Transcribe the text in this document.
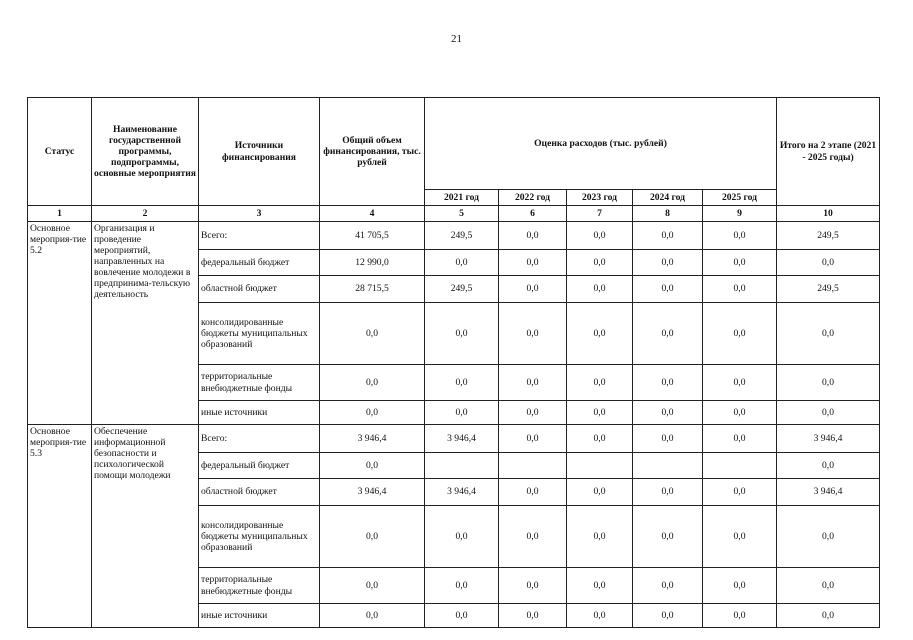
21
Статус	Наименование государственной программы, подпрограммы, основные мероприятия	Источники финансирования	Общий объем финансирования, тыс. рублей	Оценка расходов (тыс. рублей)					Итого на 2 этапе (2021 - 2025 годы)
				2021 год	2022 год	2023 год	2024 год	2025 год	
1	2	3	4	5	6	7	8	9	10
Основное мероприя-тие 5.2	Организация и проведение мероприятий, направленных на вовлечение молодежи в предпринима-тельскую деятельность	Всего:	41 705,5	249,5	0,0	0,0	0,0	0,0	249,5
		федеральный бюджет	12 990,0	0,0	0,0	0,0	0,0	0,0	0,0
		областной бюджет	28 715,5	249,5	0,0	0,0	0,0	0,0	249,5
		консолидированные бюджеты муниципальных образований	0,0	0,0	0,0	0,0	0,0	0,0	0,0
		территориальные внебюджетные фонды	0,0	0,0	0,0	0,0	0,0	0,0	0,0
		иные источники	0,0	0,0	0,0	0,0	0,0	0,0	0,0
Основное мероприя-тие 5.3	Обеспечение информационной безопасности и психологической помощи молодежи	Всего:	3 946,4	3 946,4	0,0	0,0	0,0	0,0	3 946,4
		федеральный бюджет	0,0						0,0
		областной бюджет	3 946,4	3 946,4	0,0	0,0	0,0	0,0	3 946,4
		консолидированные бюджеты муниципальных образований	0,0	0,0	0,0	0,0	0,0	0,0	0,0
		территориальные внебюджетные фонды	0,0	0,0	0,0	0,0	0,0	0,0	0,0
		иные источники	0,0	0,0	0,0	0,0	0,0	0,0	0,0
